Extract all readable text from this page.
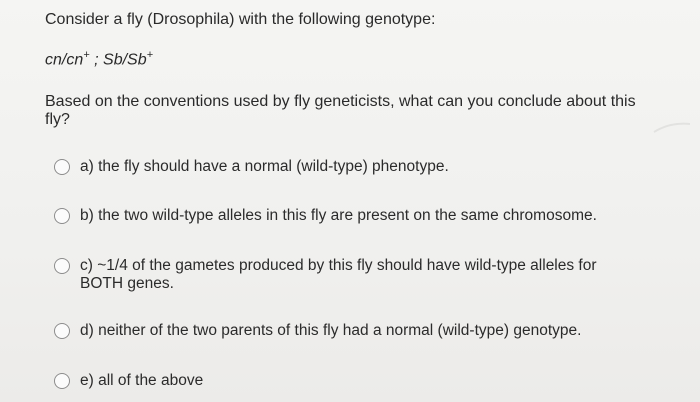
Consider a fly (Drosophila) with the following genotype:
cn/cn+ ; Sb/Sb+
Based on the conventions used by fly geneticists, what can you conclude about this fly?
a) the fly should have a normal (wild-type) phenotype.
b) the two wild-type alleles in this fly are present on the same chromosome.
c) ~1/4 of the gametes produced by this fly should have wild-type alleles for BOTH genes.
d) neither of the two parents of this fly had a normal (wild-type) genotype.
e) all of the above
